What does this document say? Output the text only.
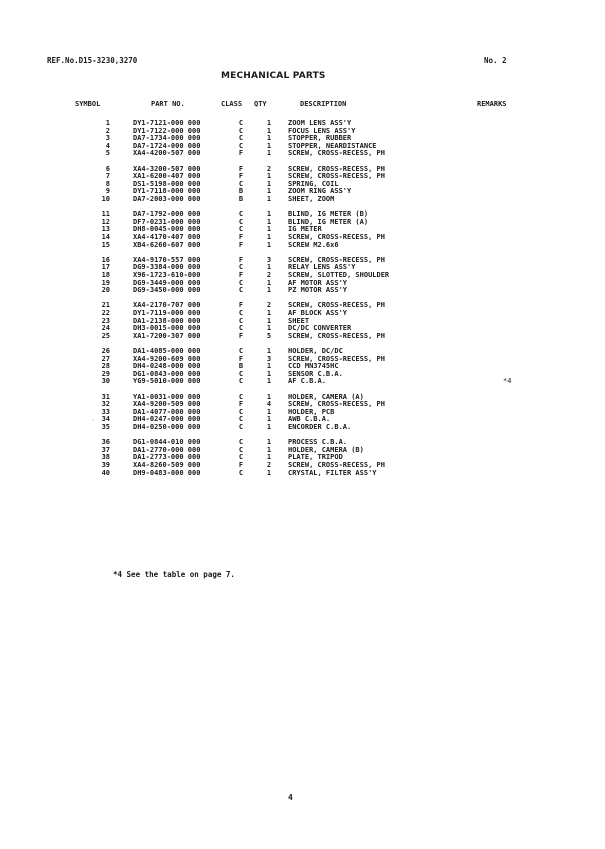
REF.No.D15-3230,3270	No. 2
MECHANICAL PARTS
SYMBOL	PART NO.	CLASS QTY	DESCRIPTION	REMARKS
1	DY1-7121-000 000	C	1	ZOOM LENS ASS'Y
2	DY1-7122-000 000	C	1	FOCUS LENS ASS'Y
3	DA7-1734-000 000	C	1	STOPPER, RUBBER
4	DA7-1724-000 000	C	1	STOPPER, NEARDISTANCE
5	XA4-4200-507 000	F	1	SCREW, CROSS-RECESS, PH
6	XA4-3200-507 000	F	2	SCREW, CROSS-RECESS, PH
7	XA1-6200-407 000	F	1	SCREW, CROSS-RECESS, PH
8	DS1-5198-000 000	C	1	SPRING, COIL
9	DY1-7118-000 000	B	1	ZOOM RING ASS'Y
10	DA7-2003-000 000	B	1	SHEET, ZOOM
11	DA7-1792-000 000	C	1	BLIND, IG METER (B)
12	DF7-0231-000 000	C	1	BLIND, IG METER (A)
13	DH8-0045-000 000	C	1	IG METER
14	XA4-4170-407 000	F	1	SCREW, CROSS-RECESS, PH
15	XB4-6260-607 000	F	1	SCREW M2.6x6
16	XA4-9170-557 000	F	3	SCREW, CROSS-RECESS, PH
17	DG9-3384-000 000	C	1	RELAY LENS ASS'Y
18	X96-1723-610-000	F	2	SCREW, SLOTTED, SHOULDER
19	DG9-3449-000 000	C	1	AF MOTOR ASS'Y
20	DG9-3450-000 000	C	1	PZ MOTOR ASS'Y
21	XA4-2170-707 000	F	2	SCREW, CROSS-RECESS, PH
22	DY1-7119-000 000	C	1	AF BLOCK ASS'Y
23	DA1-2138-000 000	C	1	SHEET
24	DH3-0015-000 000	C	1	DC/DC CONVERTER
25	XA1-7200-307 000	F	5	SCREW, CROSS-RECESS, PH
26	DA1-4085-000 000	C	1	HOLDER, DC/DC
27	XA4-9200-609 000	F	3	SCREW, CROSS-RECESS, PH
28	DH4-0248-000 000	B	1	CCD MN3745HC
29	DG1-0843-000 000	C	1	SENSOR C.B.A.
30	YG9-5010-000 000	C	1	AF C.B.A.	*4
31	YA1-0031-000 000	C	1	HOLDER, CAMERA (A)
32	XA4-9200-509 000	F	4	SCREW, CROSS-RECESS, PH
33	DA1-4077-000 000	C	1	HOLDER, PCB
34	DH4-0247-000 000	C	1	AWB C.B.A.
35	DH4-0250-000 000	C	1	ENCORDER C.B.A.
36	DG1-0844-010 000	C	1	PROCESS C.B.A.
37	DA1-2770-000 000	C	1	HOLDER, CAMERA (B)
38	DA1-2773-000 000	C	1	PLATE, TRIPOD
39	XA4-8260-509 000	F	2	SCREW, CROSS-RECESS, PH
40	DH9-0483-000 000	C	1	CRYSTAL, FILTER ASS'Y
·
*4 See the table on page 7.
4
